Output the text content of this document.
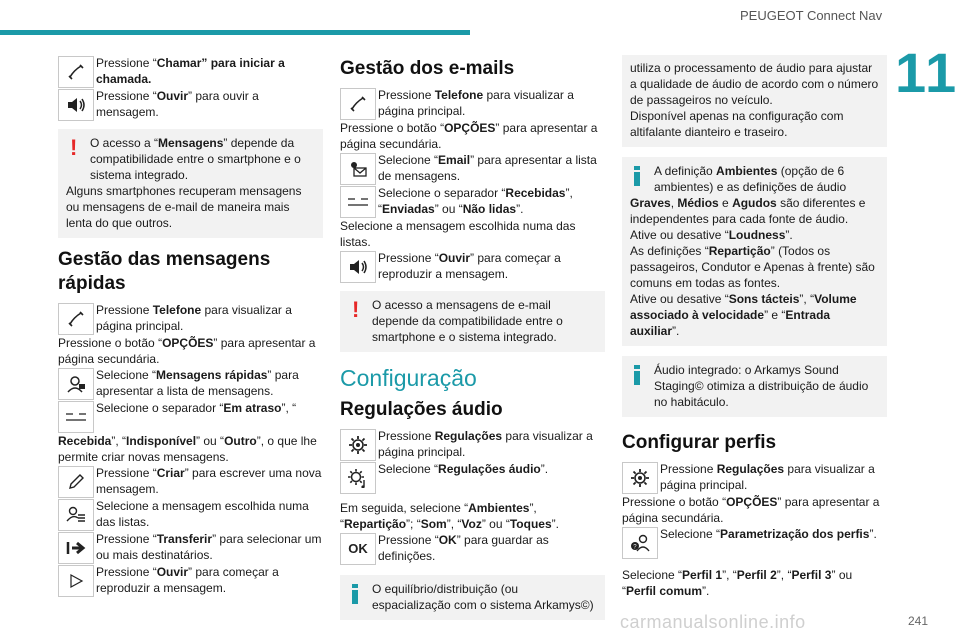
PEUGEOT Connect Nav
11
Pressione “Chamar” para iniciar a chamada.
Pressione “Ouvir” para ouvir a mensagem.
!	O acesso a “Mensagens” depende da compatibilidade entre o smartphone e o sistema integrado.
Alguns smartphones recuperam mensagens ou mensagens de e-mail de maneira mais lenta do que outros.
Gestão das mensagens rápidas
Pressione Telefone para visualizar a página principal.
Pressione o botão “OPÇÕES” para apresentar a página secundária.
Selecione “Mensagens rápidas” para apresentar a lista de mensagens.
Selecione o separador “Em atraso”, “
Recebida”, “Indisponível” ou “Outro”, o que lhe permite criar novas mensagens.
Pressione “Criar” para escrever uma nova mensagem.
Selecione a mensagem escolhida numa das listas.
Pressione “Transferir” para selecionar um ou mais destinatários.
Pressione “Ouvir” para começar a reproduzir a mensagem.
Gestão dos e-mails
Pressione Telefone para visualizar a página principal.
Pressione o botão “OPÇÕES” para apresentar a página secundária.
Selecione “Email” para apresentar a lista de mensagens.
Selecione o separador “Recebidas”, “Enviadas” ou “Não lidas”.
Selecione a mensagem escolhida numa das listas.
Pressione “Ouvir” para começar a reproduzir a mensagem.
!	O acesso a mensagens de e-mail depende da compatibilidade entre o smartphone e o sistema integrado.
Configuração
Regulações áudio
Pressione Regulações para visualizar a página principal.
Selecione “Regulações áudio”.
Em seguida, selecione “Ambientes”, “Repartição”; “Som”, “Voz” ou “Toques”.
OK
Pressione “OK” para guardar as definições.
O equilíbrio/distribuição (ou espacialização com o sistema Arkamys©)
utiliza o processamento de áudio para ajustar a qualidade de áudio de acordo com o número de passageiros no veículo.
Disponível apenas na configuração com altifalante dianteiro e traseiro.
A definição Ambientes (opção de 6 ambientes) e as definições de áudio
Graves, Médios e Agudos são diferentes e independentes para cada fonte de áudio.
Ative ou desative “Loudness”.
As definições “Repartição” (Todos os passageiros, Condutor e Apenas à frente) são comuns em todas as fontes.
Ative ou desative “Sons tácteis”, “Volume associado à velocidade” e “Entrada auxiliar”.
Áudio integrado: o Arkamys Sound Staging© otimiza a distribuição de áudio no habitáculo.
Configurar perfis
Pressione Regulações para visualizar a página principal.
Pressione o botão “OPÇÕES” para apresentar a página secundária.
?
Selecione “Parametrização dos perfis”.
Selecione “Perfil 1”, “Perfil 2”, “Perfil 3” ou “Perfil comum”.
carmanualsonline.info	241
